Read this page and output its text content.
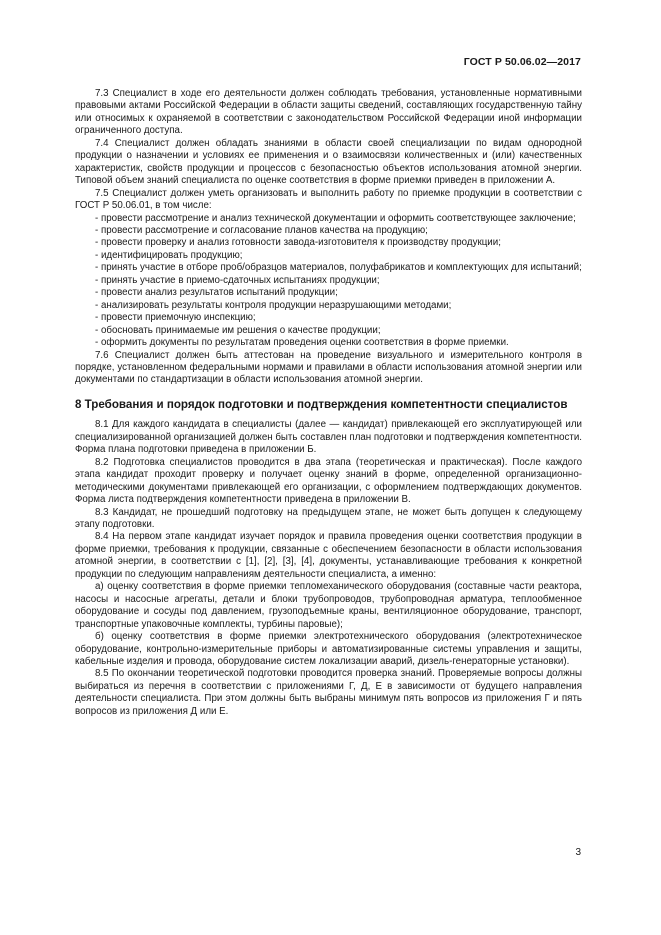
ГОСТ Р 50.06.02—2017

7.3 Специалист в ходе его деятельности должен соблюдать требования, установленные нормативными правовыми актами Российской Федерации в области защиты сведений, составляющих государственную тайну или относимых к охраняемой в соответствии с законодательством Российской Федерации иной информации ограниченного доступа.

7.4 Специалист должен обладать знаниями в области своей специализации по видам однородной продукции о назначении и условиях ее применения и о взаимосвязи количественных и (или) качественных характеристик, свойств продукции и процессов с безопасностью объектов использования атомной энергии. Типовой объем знаний специалиста по оценке соответствия в форме приемки приведен в приложении А.

7.5 Специалист должен уметь организовать и выполнить работу по приемке продукции в соответствии с ГОСТ Р 50.06.01, в том числе:

- провести рассмотрение и анализ технической документации и оформить соответствующее заключение;

- провести рассмотрение и согласование планов качества на продукцию;

- провести проверку и анализ готовности завода-изготовителя к производству продукции;

- идентифицировать продукцию;

- принять участие в отборе проб/образцов материалов, полуфабрикатов и комплектующих для испытаний;

- принять участие в приемо-сдаточных испытаниях продукции;

- провести анализ результатов испытаний продукции;

- анализировать результаты контроля продукции неразрушающими методами;

- провести приемочную инспекцию;

- обосновать принимаемые им решения о качестве продукции;

- оформить документы по результатам проведения оценки соответствия в форме приемки.

7.6 Специалист должен быть аттестован на проведение визуального и измерительного контроля в порядке, установленном федеральными нормами и правилами в области использования атомной энергии или документами по стандартизации в области использования атомной энергии.

8 Требования и порядок подготовки и подтверждения компетентности специалистов

8.1 Для каждого кандидата в специалисты (далее — кандидат) привлекающей его эксплуатирующей или специализированной организацией должен быть составлен план подготовки и подтверждения компетентности. Форма плана подготовки приведена в приложении Б.

8.2 Подготовка специалистов проводится в два этапа (теоретическая и практическая). После каждого этапа кандидат проходит проверку и получает оценку знаний в форме, определенной организационно-методическими документами привлекающей его организации, с оформлением подтверждающих документов. Форма листа подтверждения компетентности приведена в приложении В.

8.3 Кандидат, не прошедший подготовку на предыдущем этапе, не может быть допущен к следующему этапу подготовки.

8.4 На первом этапе кандидат изучает порядок и правила проведения оценки соответствия продукции в форме приемки, требования к продукции, связанные с обеспечением безопасности в области использования атомной энергии, в соответствии с [1], [2], [3], [4], документы, устанавливающие требования к конкретной продукции по следующим направлениям деятельности специалиста, а именно:

а) оценку соответствия в форме приемки тепломеханического оборудования (составные части реактора, насосы и насосные агрегаты, детали и блоки трубопроводов, трубопроводная арматура, теплообменное оборудование и сосуды под давлением, грузоподъемные краны, вентиляционное оборудование, транспорт, транспортные упаковочные комплекты, турбины паровые);

б) оценку соответствия в форме приемки электротехнического оборудования (электротехническое оборудование, контрольно-измерительные приборы и автоматизированные системы управления и защиты, кабельные изделия и провода, оборудование систем локализации аварий, дизель-генераторные установки).

8.5 По окончании теоретической подготовки проводится проверка знаний. Проверяемые вопросы должны выбираться из перечня в соответствии с приложениями Г, Д, Е в зависимости от будущего направления деятельности специалиста. При этом должны быть выбраны минимум пять вопросов из приложения Г и пять вопросов из приложения Д или Е.

3
